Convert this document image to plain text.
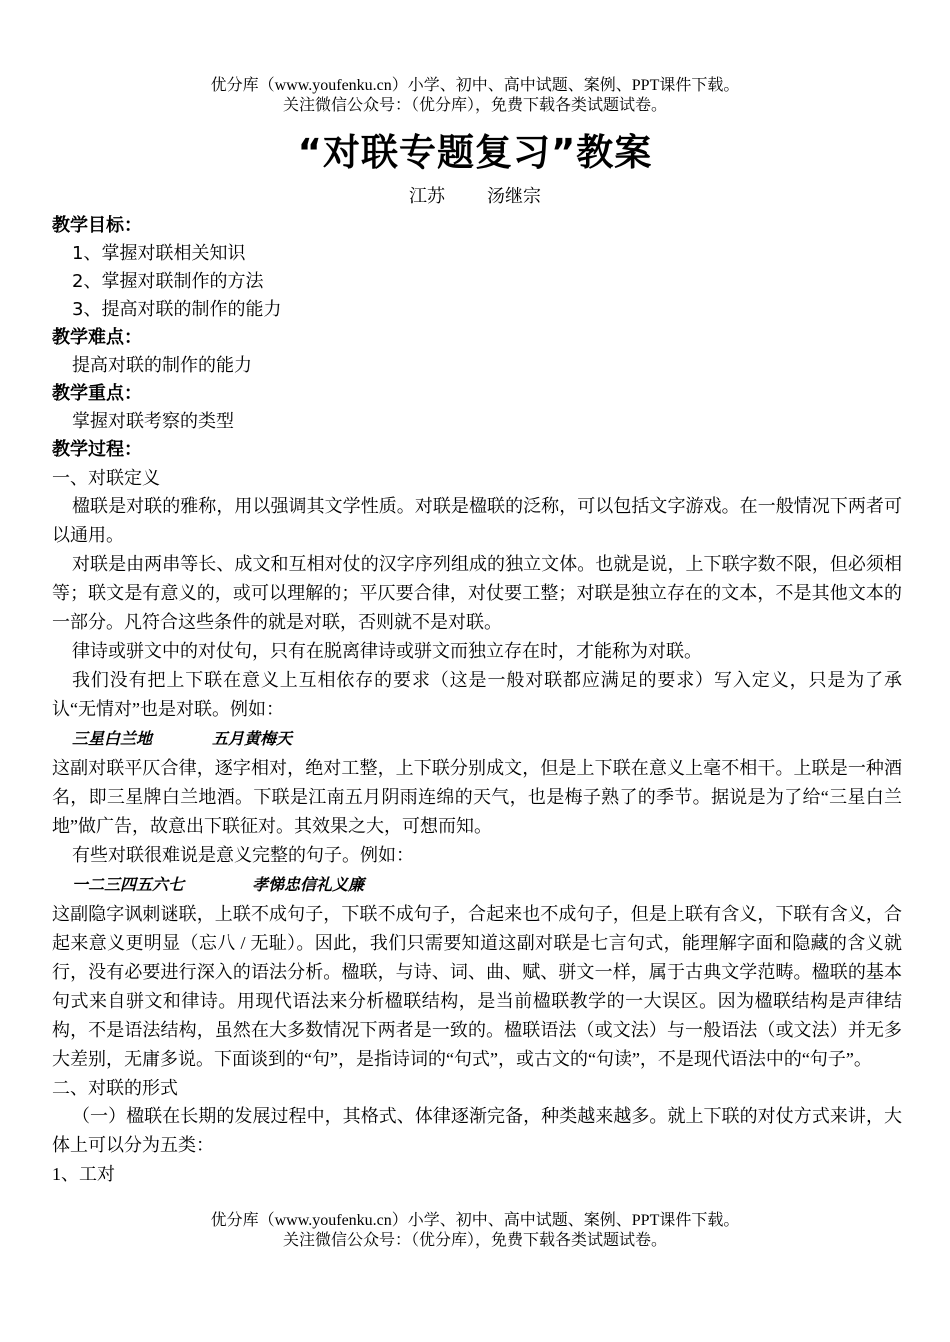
优分库（www.youfenku.cn）小学、初中、高中试题、案例、PPT课件下载。
关注微信公众号：（优分库），免费下载各类试题试卷。
“对联专题复习”教案
江苏 汤继宗
教学目标：
1、掌握对联相关知识
2、掌握对联制作的方法
3、提高对联的制作的能力
教学难点：
提高对联的制作的能力
教学重点：
掌握对联考察的类型
教学过程：
一、对联定义
楹联是对联的雅称，用以强调其文学性质。对联是楹联的泛称，可以包括文字游戏。在一般情况下两者可以通用。
对联是由两串等长、成文和互相对仗的汉字序列组成的独立文体。也就是说，上下联字数不限，但必须相等；联文是有意义的，或可以理解的；平仄要合律，对仗要工整；对联是独立存在的文本，不是其他文本的一部分。凡符合这些条件的就是对联，否则就不是对联。
律诗或骈文中的对仗句，只有在脱离律诗或骈文而独立存在时，才能称为对联。
我们没有把上下联在意义上互相依存的要求（这是一般对联都应满足的要求）写入定义，只是为了承认“无情对”也是对联。例如：
三星白兰地	五月黄梅天
这副对联平仄合律，逐字相对，绝对工整，上下联分别成文，但是上下联在意义上毫不相干。上联是一种酒名，即三星牌白兰地酒。下联是江南五月阴雨连绵的天气，也是梅子熟了的季节。据说是为了给“三星白兰地”做广告，故意出下联征对。其效果之大，可想而知。
有些对联很难说是意义完整的句子。例如：
一二三四五六七	孝悌忠信礼义廉
这副隐字讽刺谜联，上联不成句子，下联不成句子，合起来也不成句子，但是上联有含义，下联有含义，合起来意义更明显（忘八 / 无耻）。因此，我们只需要知道这副对联是七言句式，能理解字面和隐藏的含义就行，没有必要进行深入的语法分析。楹联，与诗、词、曲、赋、骈文一样，属于古典文学范畴。楹联的基本句式来自骈文和律诗。用现代语法来分析楹联结构，是当前楹联教学的一大误区。因为楹联结构是声律结构，不是语法结构，虽然在大多数情况下两者是一致的。楹联语法（或文法）与一般语法（或文法）并无多大差别，无庸多说。下面谈到的“句”，是指诗词的“句式”，或古文的“句读”，不是现代语法中的“句子”。
二、对联的形式
（一）楹联在长期的发展过程中，其格式、体律逐渐完备，种类越来越多。就上下联的对仗方式来讲，大体上可以分为五类：
1、工对
优分库（www.youfenku.cn）小学、初中、高中试题、案例、PPT课件下载。
关注微信公众号：（优分库），免费下载各类试题试卷。
